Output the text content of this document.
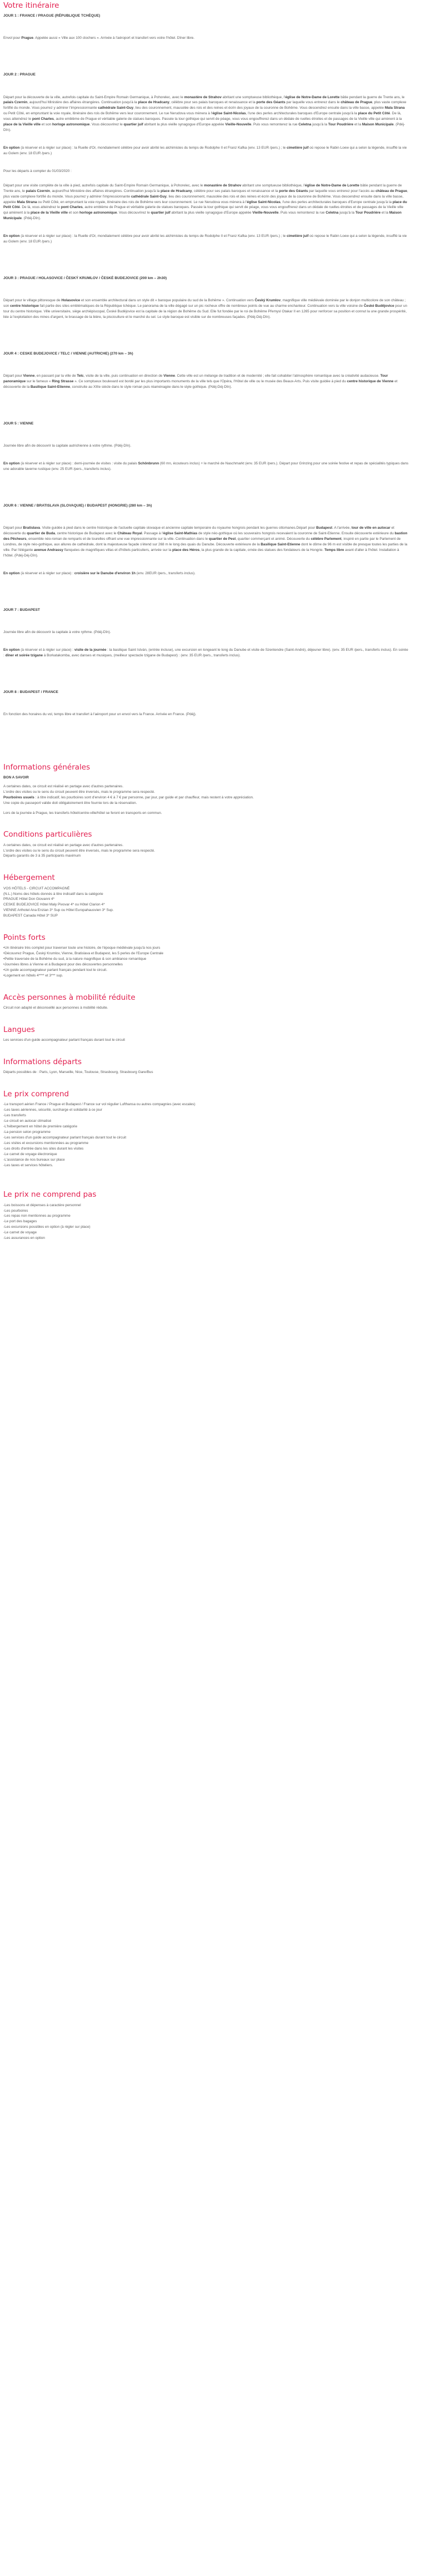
Votre itinéraire
JOUR 1 : FRANCE / PRAGUE (RÉPUBLIQUE TCHÈQUE)

Envol pour Prague. Appelée aussi « Ville aux 100 clochers ». Arrivée à l'aéroport et transfert vers votre l'hôtel. Dîner libre.

JOUR 2 : PRAGUE

Départ pour la découverte de la ville, autrefois capitale du Saint-Empire Romain Germanique, à Pohorelec, avec le monastère de Strahov abritant une somptueuse bibliothèque, l'église de Notre-Dame de Lorette bâtie pendant la guerre de Trente ans, le palais Czernin, aujourd'hui Ministère des affaires étrangères. Continuation jusqu'à la place de Hradcany, célèbre pour ses palais baroques et renaissance et la porte des Géants par laquelle vous entrerez dans le château de Prague, plus vaste complexe fortifié du monde. Vous pourrez y admirer l'impressionnante cathédrale Saint-Guy, lieu des couronnement, mausolée des rois et des reines et écrin des joyaux de la couronne de Bohême. Vous descendrez ensuite dans la ville basse, appelée Mala Strana ou Petit Côté, en empruntant la voie royale, itinéraire des rois de Bohême vers leur couronnement. Le rue Nerudova vous mènera à l'église Saint-Nicolas, l'une des perles architecturales baroques d'Europe centrale jusqu'à la place du Petit Côté. De là, vous atteindrez le pont Charles, autre emblème de Prague et véritable galerie de statues baroques. Passée la tour gothique qui servit de péage, vous vous engouffrerez dans un dédale de ruelles étroites et de passages de la Vieille ville qui amènent à la place de la Vieille ville et son horloge astronomique. Vous découvrirez le quartier juif abritant la plus vieille synagogue d'Europe appelée Vieille-Nouvelle. Puis vous remonterez la rue Celetna jusqu'à la Tour Poudrière et la Maison Municipale. (Pdéj-Dîn).

En option (à réserver et à régler sur place) : la Ruelle d'Or, mondialement célèbre pour avoir abrité les alchimistes du temps de Rodolphe II et Franz Kafka (env. 13 EUR /pers.) ; le cimetière juif où repose le Rabin Loew qui a selon la légende, insufflé la vie au Golem (env. 18 EUR /pers.)

Pour les départs à compter du 01/03/2020 :

Départ pour une visite complète de la ville à pied, autrefois capitale du Saint-Empire Romain Germanique, à Pohorelec, avec le monastère de Strahov abritant une somptueuse bibliothèque, l'église de Notre-Dame de Lorette bâtie pendant la guerre de Trente ans, le palais Czernin, aujourd'hui Ministère des affaires étrangères. Continuation jusqu'à la place de Hradcany, célèbre pour ses palais baroques et renaissance et la porte des Géants par laquelle vous entrerez pour l'accès au château de Prague, plus vaste complexe fortifié du monde. Vous pourrez y admirer l'impressionnante cathédrale Saint-Guy, lieu des couronnement, mausolée des rois et des reines et écrin des joyaux de la couronne de Bohême. Vous descendrez ensuite dans la ville basse, appelée Mala Strana ou Petit Côté, en empruntant la voie royale, itinéraire des rois de Bohême vers leur couronnement. Le rue Nerudova vous mènera à l'église Saint-Nicolas, l'une des perles architecturales baroques d'Europe centrale jusqu'à la place du Petit Côté. De là, vous atteindrez le pont Charles, autre emblème de Prague et véritable galerie de statues baroques. Passée la tour gothique qui servit de péage, vous vous engouffrerez dans un dédale de ruelles étroites et de passages de la Vieille ville qui amènent à la place de la Vieille ville et son horloge astronomique. Vous découvrirez le quartier juif abritant la plus vieille synagogue d'Europe appelée Vieille-Nouvelle. Puis vous remonterez la rue Celetna jusqu'à la Tour Poudrière et la Maison Municipale. (Pdéj-Dîn).

En option (à réserver et à régler sur place) : la Ruelle d'Or, mondialement célèbre pour avoir abrité les alchimistes du temps de Rodolphe II et Franz Kafka (env. 13 EUR /pers.) ; le cimetière juif où repose le Rabin Loew qui a selon la légende, insufflé la vie au Golem (env. 18 EUR /pers.)

JOUR 3 : PRAGUE / HOLASOVICE / ČESKÝ KRUMLOV / ČESKÉ BUDEJOVICE (200 km – 2h30)

Départ pour le village pittoresque de Holasovice et son ensemble architectural dans un style dit « baroque populaire du sud de la Bohême ». Continuation vers Český Krumlov, magnifique ville médiévale dominée par le donjon multicolore de son château ; son centre historique fait partie des sites emblématiques de la République tchèque. Le panorama de la ville dégagé sur un pic rocheux offre de nombreux points de vue au charme enchanteur. Continuation vers la ville voisine de České Budějovice pour un tour du centre historique. Ville universitaire, siège archiépiscopal, České Budějovice est la capitale de la région de Bohême du Sud. Elle fut fondée par le roi de Bohême Přemysl Otakar II en 1265 pour renforcer sa position et connut la une grande prospérité, liée à l'exploitation des mines d'argent, le brassage de la bière, la pisciculture et le marché du sel. Le style baroque est visible sur de nombreuses façades. (Pdéj-Déj-Dîn).

JOUR 4 : CESKE BUDEJOVICE / TELC / VIENNE (AUTRICHE) (270 km – 3h)

Départ pour Vienne, en passant par la ville de Telc, visite de la ville, puis continuation en direction de Vienne. Cette ville est un mélange de tradition et de modernité ; elle fait cohabiter l'atmosphère romantique avec la créativité audacieuse. Tour panoramique sur le fameux « Ring Strasse ». Ce somptueux boulevard est bordé par les plus importants monuments de la ville tels que l'Opéra, l'Hôtel de ville ou le musée des Beaux-Arts. Puis visite guidée à pied du centre historique de Vienne et découverte de la Basilique Saint-Etienne, construite au XIIIe siècle dans le style roman puis réaménagée dans le style gothique. (Pdéj-Déj-Dîn).

JOUR 5 : VIENNE

Journée libre afin de découvrir la capitale autrichienne à votre rythme. (Pdéj-Dîn).

En option (à réserver et à régler sur place) : demi-journée de visites : visite du palais Schönbrunn (60 mn, écouteurs inclus) + le marché de Naschmarkt (env. 35 EUR /pers.). Départ pour Grinzing pour une soirée festive et repas de spécialités typiques dans une adorable taverne rustique (env. 25 EUR /pers., transferts inclus).

JOUR 6 : VIENNE / BRATISLAVA (SLOVAQUIE) / BUDAPEST (HONGRIE) (280 km – 3h)

Départ pour Bratislava. Visite guidée à pied dans le centre historique de l'actuelle capitale slovaque et ancienne capitale temporaire du royaume hongrois pendant les guerres ottomanes.Départ pour Budapest. A l'arrivée, tour de ville en autocar et découverte du quartier de Buda, centre historique de Budapest avec le Château Royal. Passage à l'église Saint-Mathias de style néo-gothique où les souverains hongrois recevaient la couronne de Saint-Etienne. Ensuite découverte extérieure du bastion des Pêcheurs, ensemble néo-roman de remparts et de tourelles offrant une vue impressionnante sur la ville. Continuation dans le quartier de Pest, quartier commerçant et animé. Découverte du célèbre Parlement, inspiré en partie par le Parlement de Londres, de style néo-gothique, aux allures de cathédrale, dont la majestueuse façade s'étend sur 268 m le long des quais du Danube. Découverte extérieure de la Basilique Saint-Etienne dont le dôme de 96 m est visible de presque toutes les parties de la ville. Par l'élégante avenue Andrassy flanquées de magnifiques villas et d'hôtels particuliers, arrivée sur la place des Héros, la plus grande de la capitale, ornée des statues des fondateurs de la Hongrie. Temps libre avant d'aller à l'hôtel. Installation à l'hôtel. (Pdéj-Déj-Dîn).

En option (à réserver et à régler sur place) : croisière sur le Danube d'environ 1h (env. 28EUR /pers., transferts inclus).

JOUR 7 : BUDAPEST

Journée libre afin de découvrir la capitale à votre rythme. (Pdéj-Dîn).

En option (à réserver et à régler sur place) : visite de la journée : la basilique Saint István, (entrée incluse), une excursion en longeant le long du Danube et visite de Szentendre (Saint-André), déjeuner libre). (env. 35 EUR /pers., transferts inclus). En soirée : dîner et soirée tzigane à Borkatakomba, avec danses et musiques, (meilleur spectacle tzigane de Budapest) : (env. 35 EUR /pers., transferts inclus).

JOUR 8 : BUDAPEST / FRANCE

En fonction des horaires du vol, temps libre et transfert à l'aéroport pour un envol vers la France. Arrivée en France. (Pdéj).

Informations générales
BON A SAVOIR
A certaines dates, ce circuit est réalisé en partage avec d'autres partenaires.
L'ordre des visites ou le sens du circuit peuvent être inversés, mais le programme sera respecté.
Pourboires usuels : à titre indicatif, les pourboires sont d'environ 4 € à 7 € par personne, par jour, par guide et par chauffeur, mais restent à votre appréciation.
Une copie du passeport valide doit obligatoirement être fournie lors de la réservation.

Lors de la journée à Prague, les transferts hôtel/centre-ville/hôtel se feront en transports en commun.

Conditions particulières
A certaines dates, ce circuit est réalisé en partage avec d'autres partenaires.
L'ordre des visites ou le sens du circuit peuvent être inversés, mais le programme sera respecté.
Départs garantis de 3 à 35 participants maximum
Hébergement
VOS HÔTELS - CIRCUIT ACCOMPAGNÉ
(N.L.) Noms des hôtels donnés à titre indicatif dans la catégorie
PRAGUE Hôtel Don Giovanni 4*
CESKE BUDEJOVICE Hôtel Maly Pivovar 4* ou Hôtel Clarion 4*
VIENNE Arthotel Ana Enzian 3* Sup ou Hôtel Europahausvien 3* Sup.
BUDAPEST Canada Hôtel 3* SUP
Points forts
•Un itinéraire très complet pour traverser toute une histoire, de l'époque médiévale jusqu'à nos jours
•Découvrez Prague, Český Krumlov, Vienne, Bratislava et Budapest, les 5 perles de l'Europe Centrale
•Petite traversée de la Bohême du sud, à la nature magnifique & son ambiance romantique
•Journées libres à Vienne et à Budapest pour des découvertes personnelles
•Un guide accompagnateur parlant français pendant tout le circuit.
•Logement en hôtels 4**** et 3*** sup.
Accès personnes à mobilité réduite
Circuit non adapté et déconseillé aux personnes à mobilité réduite.
Langues
Les services d'un guide accompagnateur parlant français durant tout le circuit
Informations départs
Départs possibles de : Paris, Lyon, Marseille, Nice, Toulouse, Strasbourg, Strasbourg Gare/Bus
Le prix comprend
-Le transport aérien France / Prague et Budapest / France sur vol régulier Lufthansa ou autres compagnies (avec escales)
-Les taxes aériennes, sécurité, surcharge et solidarité à ce jour
-Les transferts
-Le circuit en autocar climatisé
-L'hébergement en hôtel de première catégorie
-La pension selon programme
-Les services d'un guide accompagnateur parlant français durant tout le circuit
-Les visites et excursions mentionnées au programme
-Les droits d'entrée dans les sites durant les visites
-Le carnet de voyage électronique
-L'assistance de nos bureaux sur place
-Les taxes et services hôteliers.
Le prix ne comprend pas
-Les boissons et dépenses à caractère personnel
-Les pourboires
-Les repas non mentionnes au programme
-Le port des bagages
-Les excursions possibles en option (à régler sur place)
-Le carnet de voyage
-Les assurances en option
